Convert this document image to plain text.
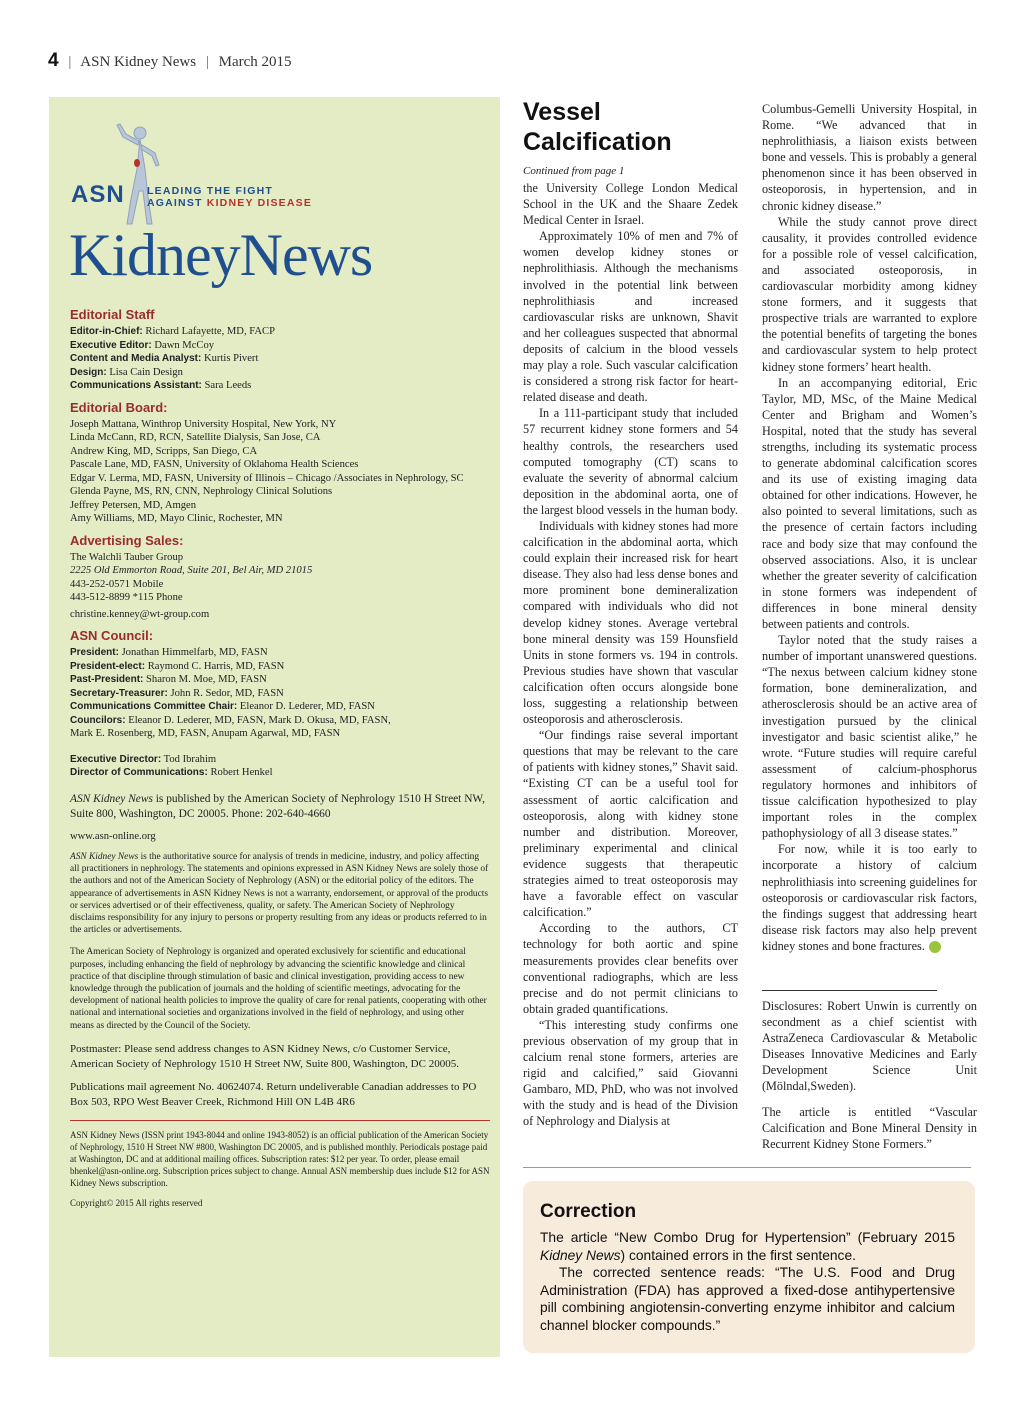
4 | ASN Kidney News | March 2015
ASN LEADING THE FIGHT
AGAINST KIDNEY DISEASE
KidneyNews
Editorial Staff
Editor-in-Chief: Richard Lafayette, MD, FACP
Executive Editor: Dawn McCoy
Content and Media Analyst: Kurtis Pivert
Design: Lisa Cain Design
Communications Assistant: Sara Leeds
Editorial Board:
Joseph Mattana, Winthrop University Hospital, New York, NY
Linda McCann, RD, RCN, Satellite Dialysis, San Jose, CA
Andrew King, MD, Scripps, San Diego, CA
Pascale Lane, MD, FASN, University of Oklahoma Health Sciences
Edgar V. Lerma, MD, FASN, University of Illinois – Chicago /Associates in Nephrology, SC
Glenda Payne, MS, RN, CNN, Nephrology Clinical Solutions
Jeffrey Petersen, MD, Amgen
Amy Williams, MD, Mayo Clinic, Rochester, MN
Advertising Sales:
The Walchli Tauber Group
2225 Old Emmorton Road, Suite 201, Bel Air, MD 21015
443-252-0571 Mobile
443-512-8899 *115 Phone
christine.kenney@wt-group.com
ASN Council:
President: Jonathan Himmelfarb, MD, FASN
President-elect: Raymond C. Harris, MD, FASN
Past-President: Sharon M. Moe, MD, FASN
Secretary-Treasurer: John R. Sedor, MD, FASN
Communications Committee Chair: Eleanor D. Lederer, MD, FASN
Councilors: Eleanor D. Lederer, MD, FASN, Mark D. Okusa, MD, FASN,
Mark E. Rosenberg, MD, FASN, Anupam Agarwal, MD, FASN
Executive Director: Tod Ibrahim
Director of Communications: Robert Henkel

ASN Kidney News is published by the American Society of Nephrology 1510 H Street NW, Suite 800, Washington, DC 20005. Phone: 202-640-4660

www.asn-online.org

ASN Kidney News is the authoritative source for analysis of trends in medicine, industry, and policy affecting all practitioners in nephrology. The statements and opinions expressed in ASN Kidney News are solely those of the authors and not of the American Society of Nephrology (ASN) or the editorial policy of the editors. The appearance of advertisements in ASN Kidney News is not a warranty, endorsement, or approval of the products or services advertised or of their effectiveness, quality, or safety. The American Society of Nephrology disclaims responsibility for any injury to persons or property resulting from any ideas or products referred to in the articles or advertisements.

The American Society of Nephrology is organized and operated exclusively for scientific and educational purposes, including enhancing the field of nephrology by advancing the scientific knowledge and clinical practice of that discipline through stimulation of basic and clinical investigation, providing access to new knowledge through the publication of journals and the holding of scientific meetings, advocating for the development of national health policies to improve the quality of care for renal patients, cooperating with other national and international societies and organizations involved in the field of nephrology, and using other means as directed by the Council of the Society.

Postmaster: Please send address changes to ASN Kidney News, c/o Customer Service, American Society of Nephrology 1510 H Street NW, Suite 800, Washington, DC 20005.

Publications mail agreement No. 40624074. Return undeliverable Canadian addresses to PO Box 503, RPO West Beaver Creek, Richmond Hill ON L4B 4R6

ASN Kidney News (ISSN print 1943-8044 and online 1943-8052) is an official publication of the American Society of Nephrology, 1510 H Street NW #800, Washington DC 20005, and is published monthly. Periodicals postage paid at Washington, DC and at additional mailing offices. Subscription rates: $12 per year. To order, please email bhenkel@asn-online.org. Subscription prices subject to change. Annual ASN membership dues include $12 for ASN Kidney News subscription.

Copyright© 2015 All rights reserved

Vessel Calcification
Continued from page 1

the University College London Medical School in the UK and the Shaare Zedek Medical Center in Israel.

Approximately 10% of men and 7% of women develop kidney stones or nephrolithiasis. Although the mechanisms involved in the potential link between nephrolithiasis and increased cardiovascular risks are unknown, Shavit and her colleagues suspected that abnormal deposits of calcium in the blood vessels may play a role. Such vascular calcification is considered a strong risk factor for heart-related disease and death.

In a 111-participant study that included 57 recurrent kidney stone formers and 54 healthy controls, the researchers used computed tomography (CT) scans to evaluate the severity of abnormal calcium deposition in the abdominal aorta, one of the largest blood vessels in the human body.

Individuals with kidney stones had more calcification in the abdominal aorta, which could explain their increased risk for heart disease. They also had less dense bones and more prominent bone demineralization compared with individuals who did not develop kidney stones. Average vertebral bone mineral density was 159 Hounsfield Units in stone formers vs. 194 in controls. Previous studies have shown that vascular calcification often occurs alongside bone loss, suggesting a relationship between osteoporosis and atherosclerosis.

“Our findings raise several important questions that may be relevant to the care of patients with kidney stones,” Shavit said. “Existing CT can be a useful tool for assessment of aortic calcification and osteoporosis, along with kidney stone number and distribution. Moreover, preliminary experimental and clinical evidence suggests that therapeutic strategies aimed to treat osteoporosis may have a favorable effect on vascular calcification.”

According to the authors, CT technology for both aortic and spine measurements provides clear benefits over conventional radiographs, which are less precise and do not permit clinicians to obtain graded quantifications.

“This interesting study confirms one previous observation of my group that in calcium renal stone formers, arteries are rigid and calcified,” said Giovanni Gambaro, MD, PhD, who was not involved with the study and is head of the Division of Nephrology and Dialysis at

Columbus-Gemelli University Hospital, in Rome. “We advanced that in nephrolithiasis, a liaison exists between bone and vessels. This is probably a general phenomenon since it has been observed in osteoporosis, in hypertension, and in chronic kidney disease.”

While the study cannot prove direct causality, it provides controlled evidence for a possible role of vessel calcification, and associated osteoporosis, in cardiovascular morbidity among kidney stone formers, and it suggests that prospective trials are warranted to explore the potential benefits of targeting the bones and cardiovascular system to help protect kidney stone formers’ heart health.

In an accompanying editorial, Eric Taylor, MD, MSc, of the Maine Medical Center and Brigham and Women’s Hospital, noted that the study has several strengths, including its systematic process to generate abdominal calcification scores and its use of existing imaging data obtained for other indications. However, he also pointed to several limitations, such as the presence of certain factors including race and body size that may confound the observed associations. Also, it is unclear whether the greater severity of calcification in stone formers was independent of differences in bone mineral density between patients and controls.

Taylor noted that the study raises a number of important unanswered questions. “The nexus between calcium kidney stone formation, bone demineralization, and atherosclerosis should be an active area of investigation pursued by the clinical investigator and basic scientist alike,” he wrote. “Future studies will require careful assessment of calcium-phosphorus regulatory hormones and inhibitors of tissue calcification hypothesized to play important roles in the complex pathophysiology of all 3 disease states.”

For now, while it is too early to incorporate a history of calcium nephrolithiasis into screening guidelines for osteoporosis or cardiovascular risk factors, the findings suggest that addressing heart disease risk factors may also help prevent kidney stones and bone fractures.

Disclosures: Robert Unwin is currently on secondment as a chief scientist with AstraZeneca Cardiovascular & Metabolic Diseases Innovative Medicines and Early Development Science Unit (Mölndal,Sweden).

The article is entitled “Vascular Calcification and Bone Mineral Density in Recurrent Kidney Stone Formers.”

Correction

The article “New Combo Drug for Hypertension” (February 2015 Kidney News) contained errors in the first sentence.

The corrected sentence reads: “The U.S. Food and Drug Administration (FDA) has approved a fixed-dose antihypertensive pill combining angiotensin-converting enzyme inhibitor and calcium channel blocker compounds.”
